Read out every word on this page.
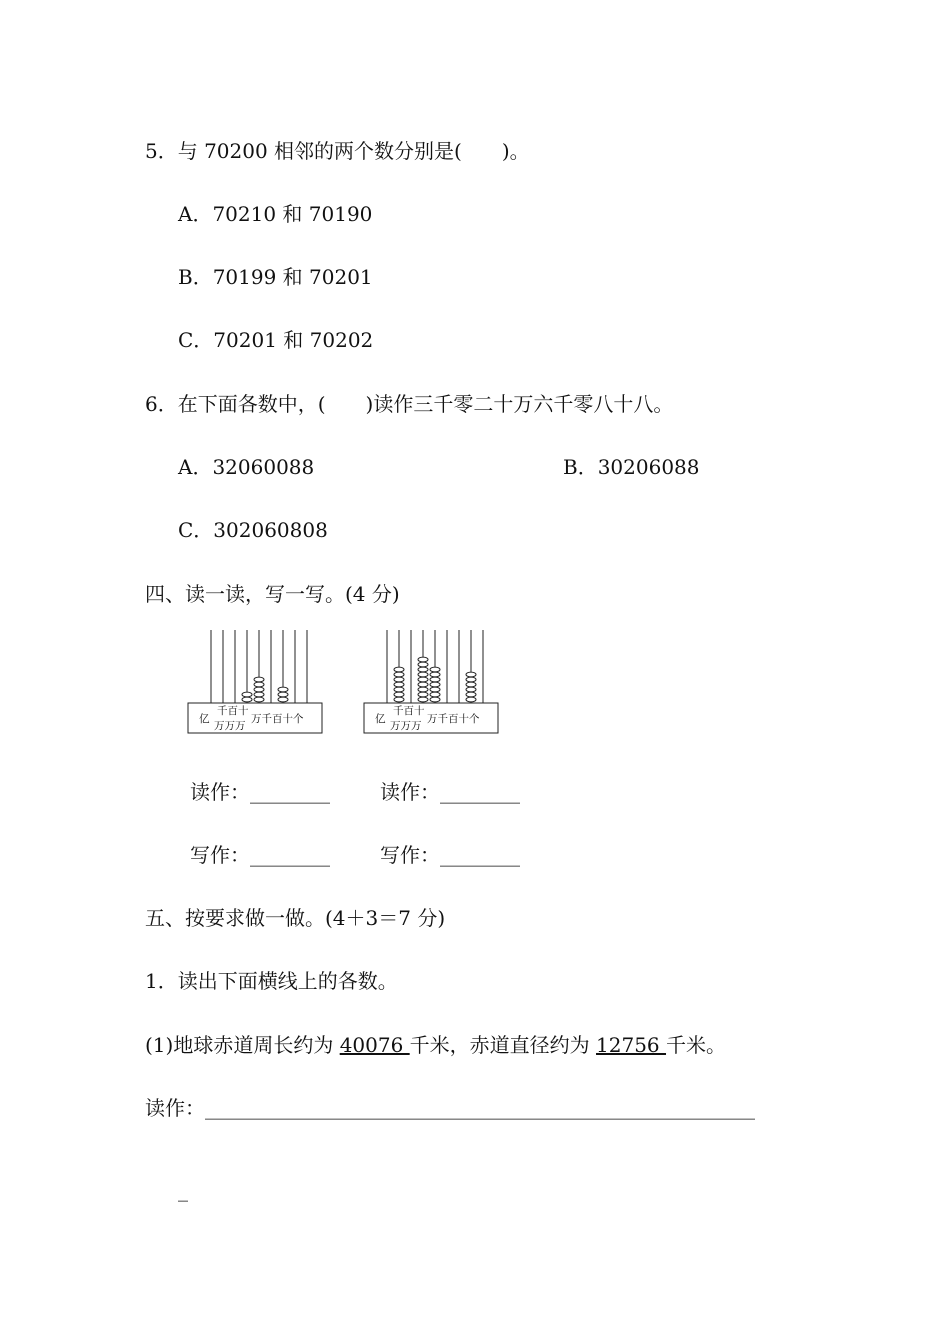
5．与 70200 相邻的两个数分别是(　　)。
A．70210 和 70190
B．70199 和 70201
C．70201 和 70202
6．在下面各数中，(　　)读作三千零二十万六千零八十八。
A．32060088	B．30206088
C．302060808
四、读一读，写一写。(4 分)
亿
千百十
万万万
万千百十个	亿
千百十
万万万
万千百十个
读作：________	读作：________
写作：________	写作：________
五、按要求做一做。(4＋3＝7 分)
1．读出下面横线上的各数。
(1)地球赤道周长约为 40076 千米，赤道直径约为 12756 千米。
读作：_______________________________________________________
_
